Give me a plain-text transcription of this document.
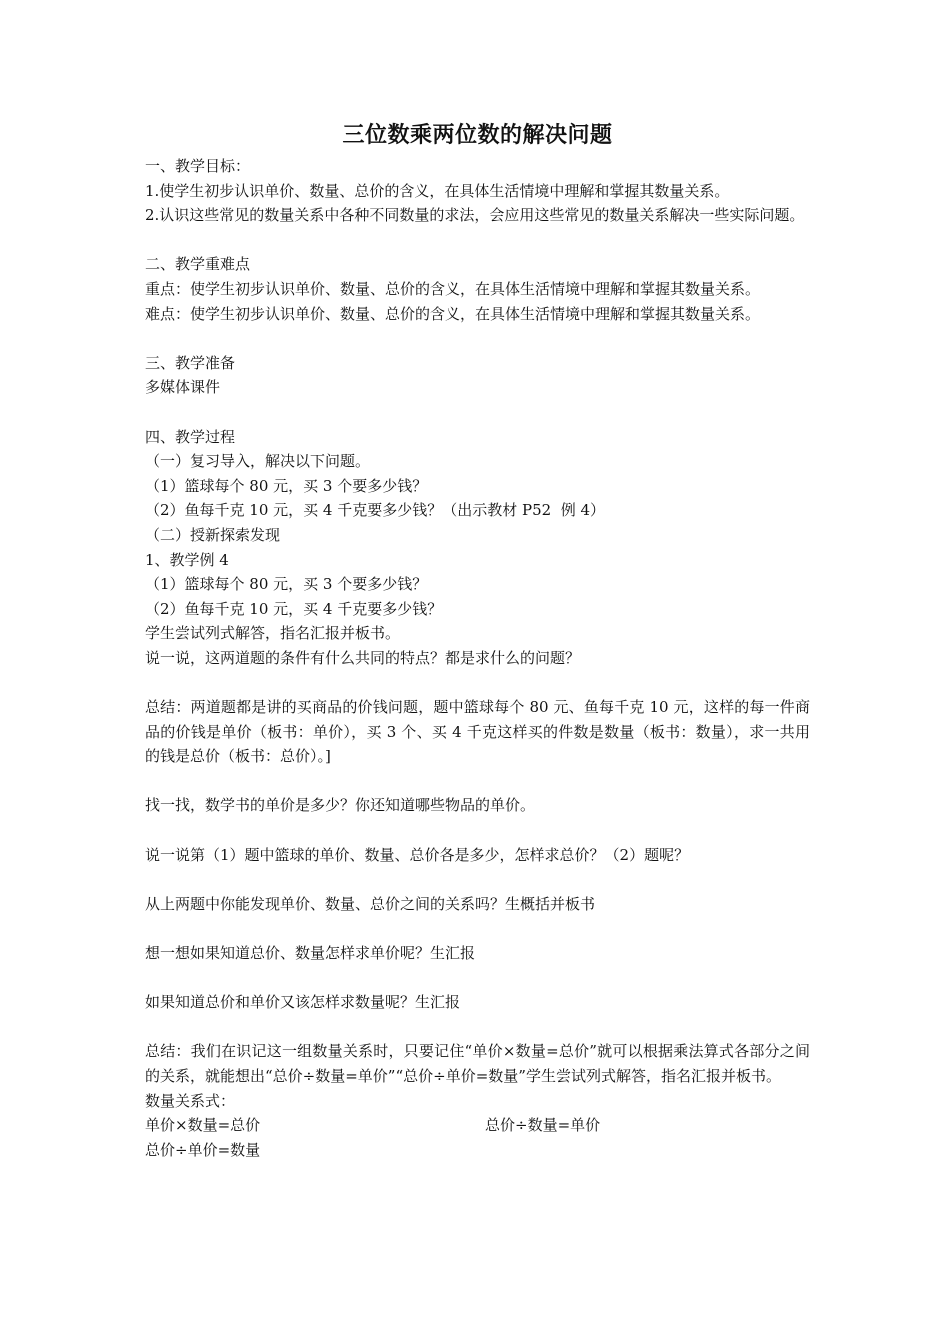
三位数乘两位数的解决问题

一、教学目标：

1.使学生初步认识单价、数量、总价的含义，在具体生活情境中理解和掌握其数量关系。

2.认识这些常见的数量关系中各种不同数量的求法，会应用这些常见的数量关系解决一些实际问题。

二、教学重难点

重点：使学生初步认识单价、数量、总价的含义，在具体生活情境中理解和掌握其数量关系。

难点：使学生初步认识单价、数量、总价的含义，在具体生活情境中理解和掌握其数量关系。

三、教学准备

多媒体课件

四、教学过程

（一）复习导入，解决以下问题。

（1）篮球每个 80 元，买 3 个要多少钱？

（2）鱼每千克 10 元，买 4 千克要多少钱？（出示教材 P52  例 4）

（二）授新探索发现

1、教学例 4

（1）篮球每个 80 元，买 3 个要多少钱？

（2）鱼每千克 10 元，买 4 千克要多少钱？

学生尝试列式解答，指名汇报并板书。

说一说，这两道题的条件有什么共同的特点？都是求什么的问题？

总结：两道题都是讲的买商品的价钱问题，题中篮球每个 80 元、鱼每千克 10 元，这样的每一件商品的价钱是单价（板书：单价），买 3 个、买 4 千克这样买的件数是数量（板书：数量），求一共用的钱是总价（板书：总价）。]

找一找，数学书的单价是多少？你还知道哪些物品的单价。

说一说第（1）题中篮球的单价、数量、总价各是多少，怎样求总价？（2）题呢？

从上两题中你能发现单价、数量、总价之间的关系吗？生概括并板书

想一想如果知道总价、数量怎样求单价呢？生汇报

如果知道总价和单价又该怎样求数量呢？生汇报

总结：我们在识记这一组数量关系时，只要记住“单价×数量=总价”就可以根据乘法算式各部分之间的关系，就能想出“总价÷数量=单价”“总价÷单价=数量”学生尝试列式解答，指名汇报并板书。

数量关系式：

单价×数量=总价	总价÷数量=单价

总价÷单价=数量
